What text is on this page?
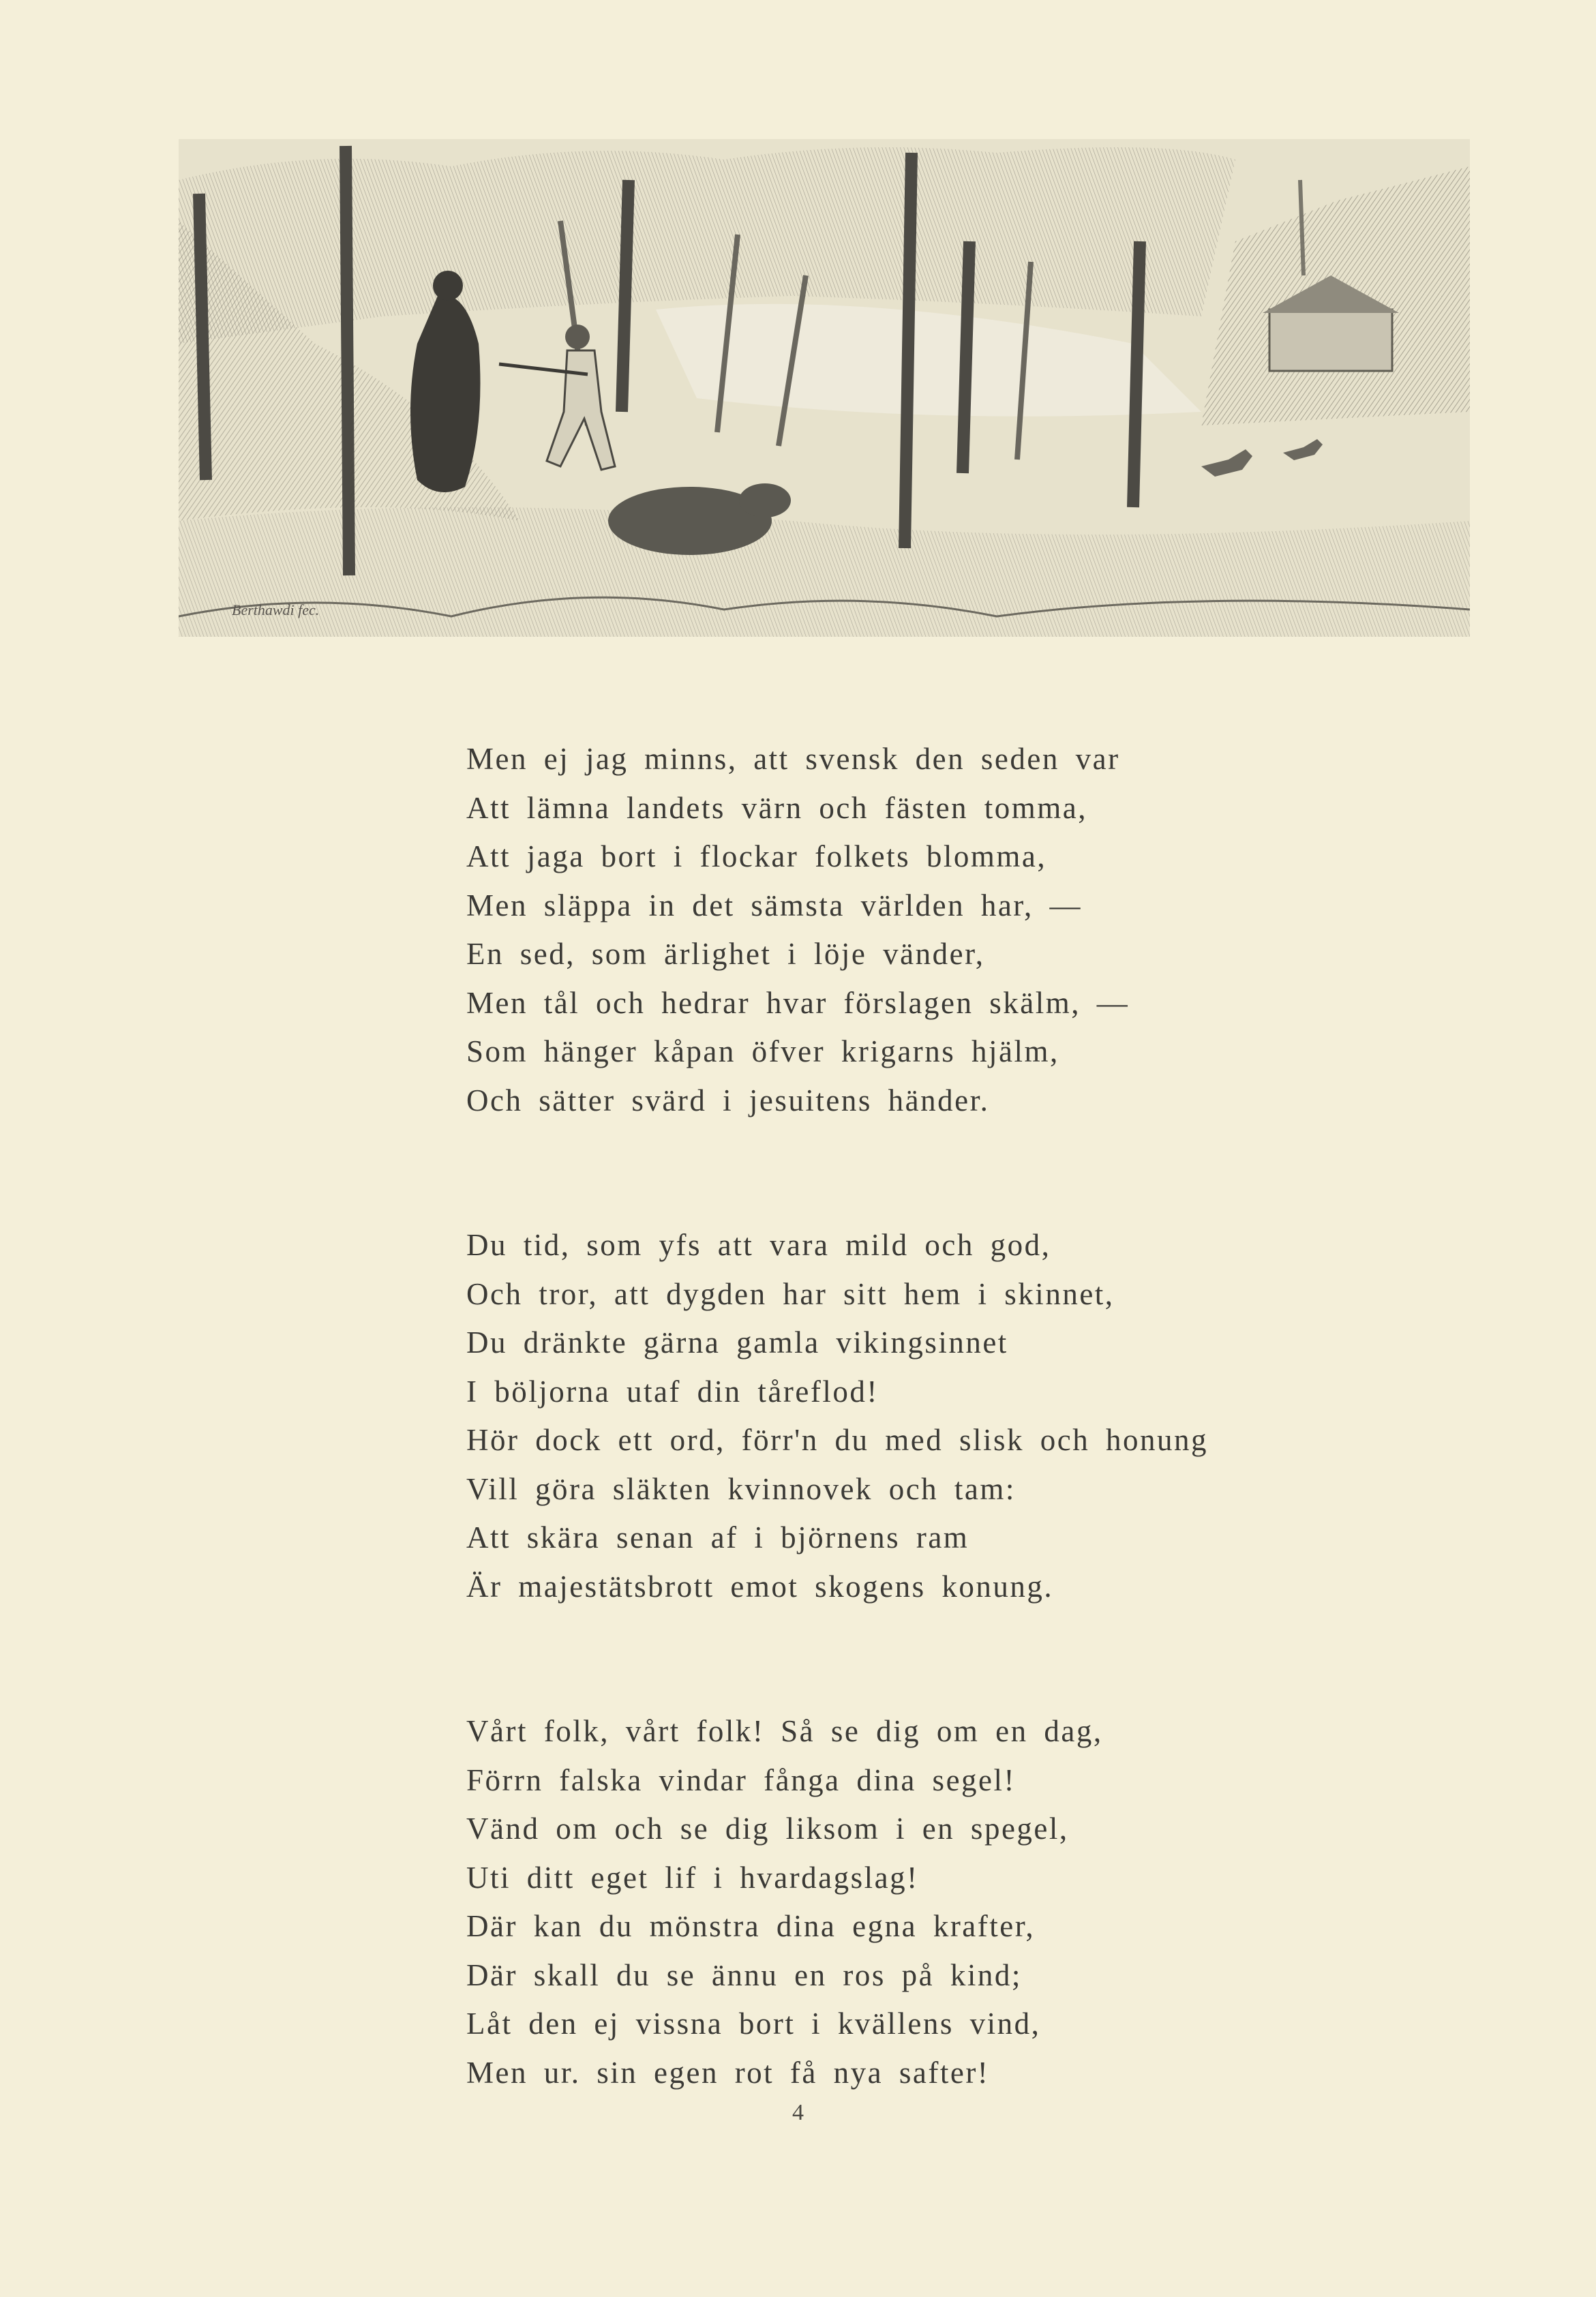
Berthawdi fec.
Men ej jag minns, att svensk den seden var
Att lämna landets värn och fästen tomma,
Att jaga bort i flockar folkets blomma,
Men släppa in det sämsta världen har, —
En sed, som ärlighet i löje vänder,
Men tål och hedrar hvar förslagen skälm, —
Som hänger kåpan öfver krigarns hjälm,
Och sätter svärd i jesuitens händer.
Du tid, som yfs att vara mild och god,
Och tror, att dygden har sitt hem i skinnet,
Du dränkte gärna gamla vikingsinnet
I böljorna utaf din tåreflod!
Hör dock ett ord, förr'n du med slisk och honung
Vill göra släkten kvinnovek och tam:
Att skära senan af i björnens ram
Är majestätsbrott emot skogens konung.
Vårt folk, vårt folk! Så se dig om en dag,
Förrn falska vindar fånga dina segel!
Vänd om och se dig liksom i en spegel,
Uti ditt eget lif i hvardagslag!
Där kan du mönstra dina egna krafter,
Där skall du se ännu en ros på kind;
Låt den ej vissna bort i kvällens vind,
Men ur. sin egen rot få nya safter!
4
